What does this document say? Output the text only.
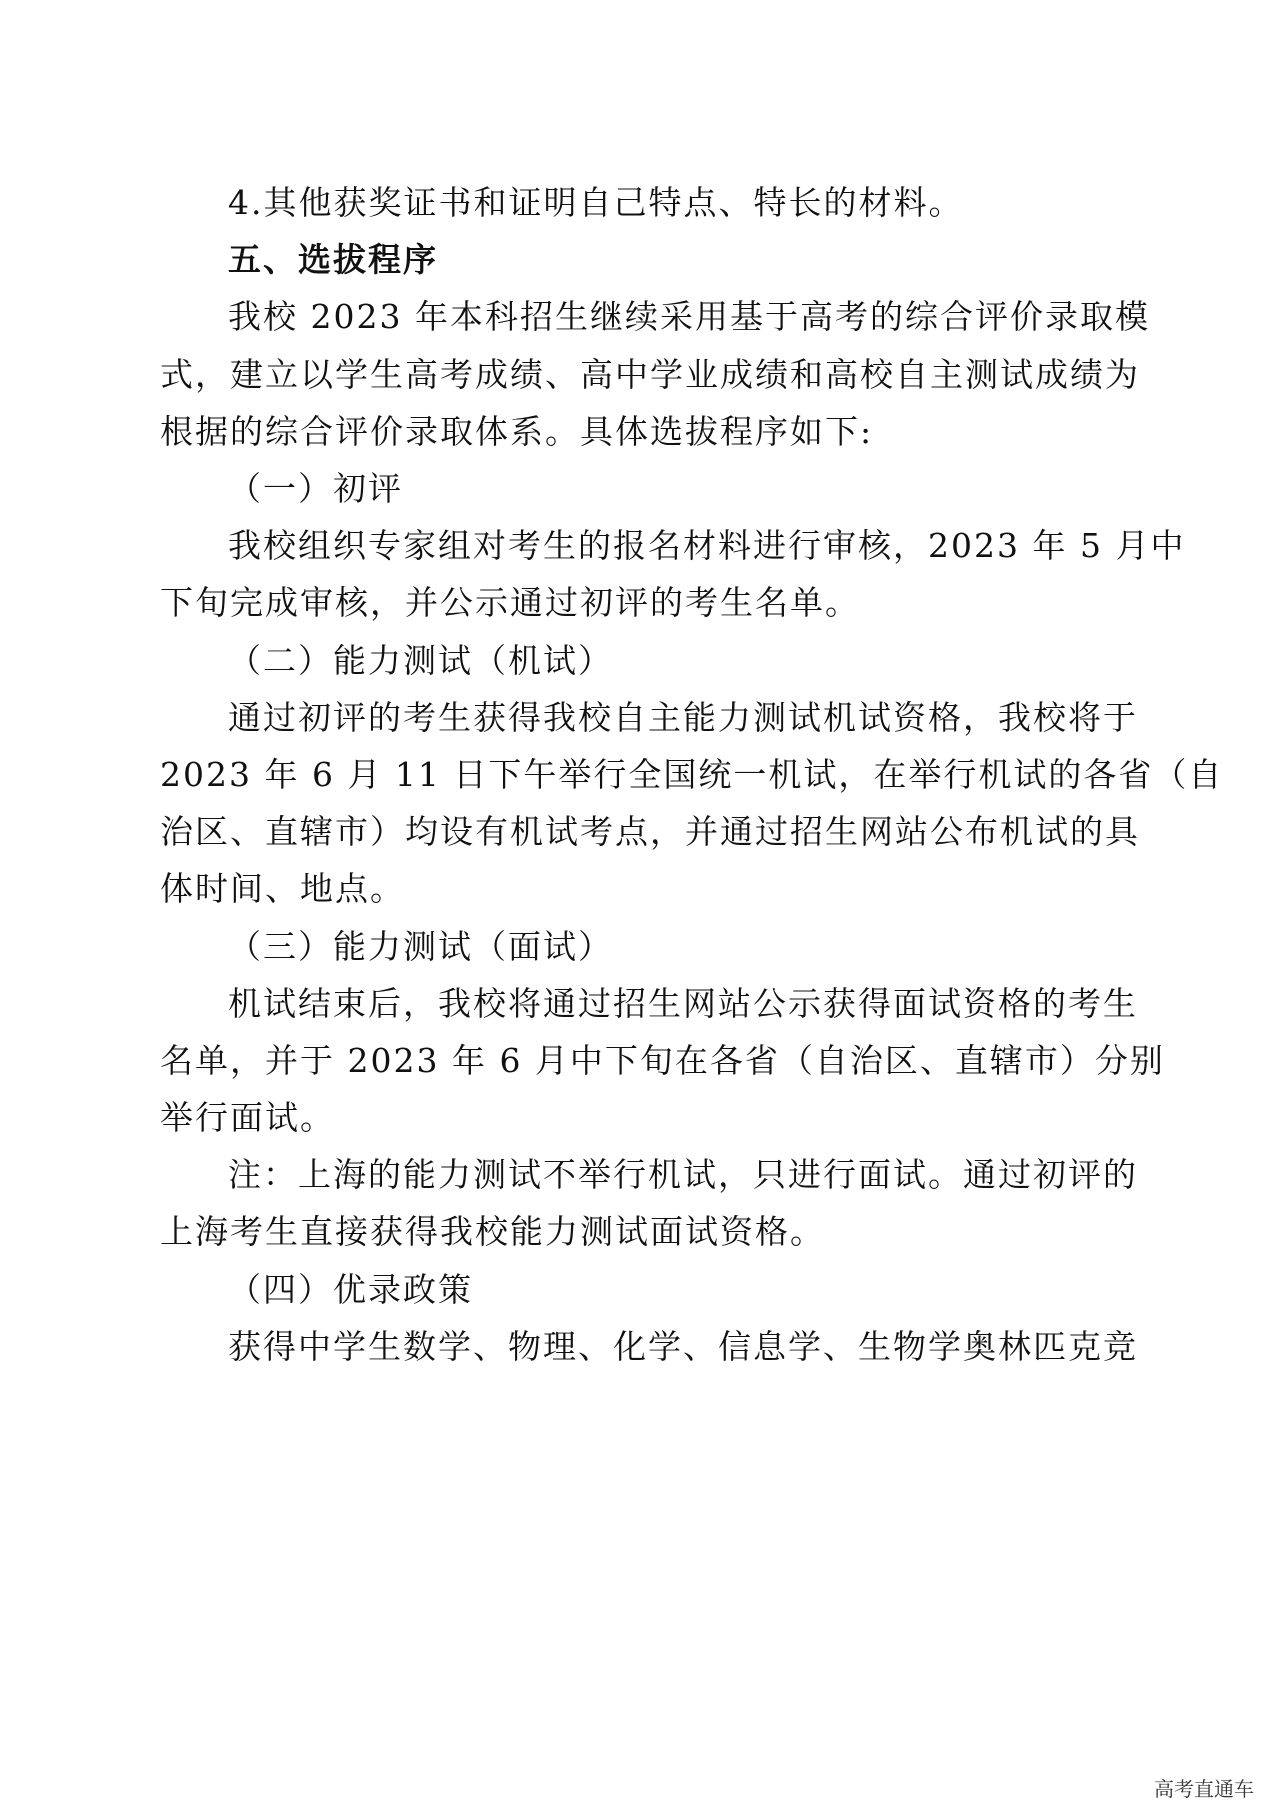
4.其他获奖证书和证明自己特点、特长的材料。
五、选拔程序
我校 2023 年本科招生继续采用基于高考的综合评价录取模
式，建立以学生高考成绩、高中学业成绩和高校自主测试成绩为
根据的综合评价录取体系。具体选拔程序如下:
（一）初评
我校组织专家组对考生的报名材料进行审核，2023 年 5 月中
下旬完成审核，并公示通过初评的考生名单。
（二）能力测试（机试）
通过初评的考生获得我校自主能力测试机试资格，我校将于
2023 年 6 月 11 日下午举行全国统一机试，在举行机试的各省（自
治区、直辖市）均设有机试考点，并通过招生网站公布机试的具
体时间、地点。
（三）能力测试（面试）
机试结束后，我校将通过招生网站公示获得面试资格的考生
名单，并于 2023 年 6 月中下旬在各省（自治区、直辖市）分别
举行面试。
注：上海的能力测试不举行机试，只进行面试。通过初评的
上海考生直接获得我校能力测试面试资格。
（四）优录政策
获得中学生数学、物理、化学、信息学、生物学奥林匹克竞
高考直通车
